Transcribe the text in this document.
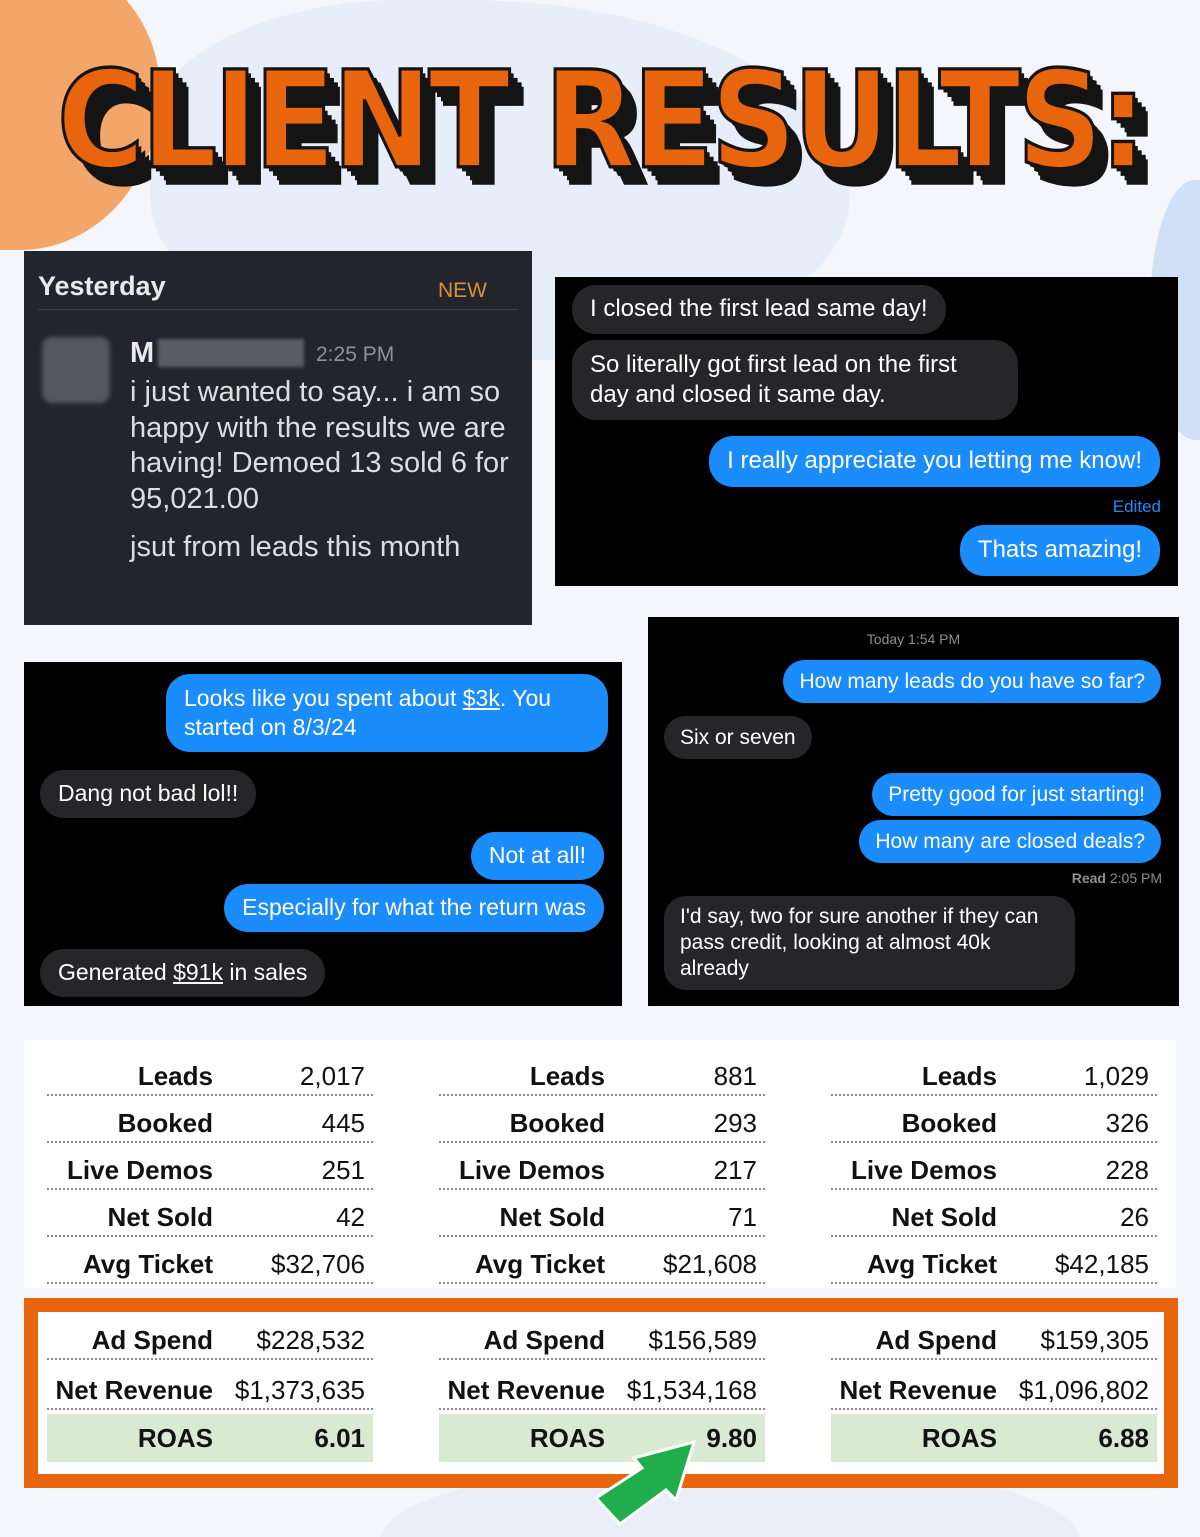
CLIENT RESULTS:
Yesterday	NEW
M	2:25 PM
i just wanted to say... i am so happy with the results we are having! Demoed 13 sold 6 for 95,021.00
jsut from leads this month
I closed the first lead same day!
So literally got first lead on the first day and closed it same day.
I really appreciate you letting me know!
Edited
Thats amazing!
Looks like you spent about $3k. You
started on 8/3/24
Dang not bad lol!!
Not at all!
Especially for what the return was
Generated $91k in sales
Today 1:54 PM
How many leads do you have so far?
Six or seven
Pretty good for just starting!
How many are closed deals?
Read 2:05 PM
I'd say, two for sure another if they can pass credit, looking at almost 40k already
Leads	2,017
Booked	445
Live Demos	251
Net Sold	42
Avg Ticket $32,706
Leads	881
Booked	293
Live Demos	217
Net Sold	71
Avg Ticket $21,608
Leads	1,029
Booked	326
Live Demos	228
Net Sold	26
Avg Ticket $42,185
Ad Spend $228,532
Net Revenue $1,373,635
ROAS	6.01
Ad Spend $156,589
Net Revenue $1,534,168
ROAS	9.80
Ad Spend $159,305
Net Revenue $1,096,802
ROAS	6.88
